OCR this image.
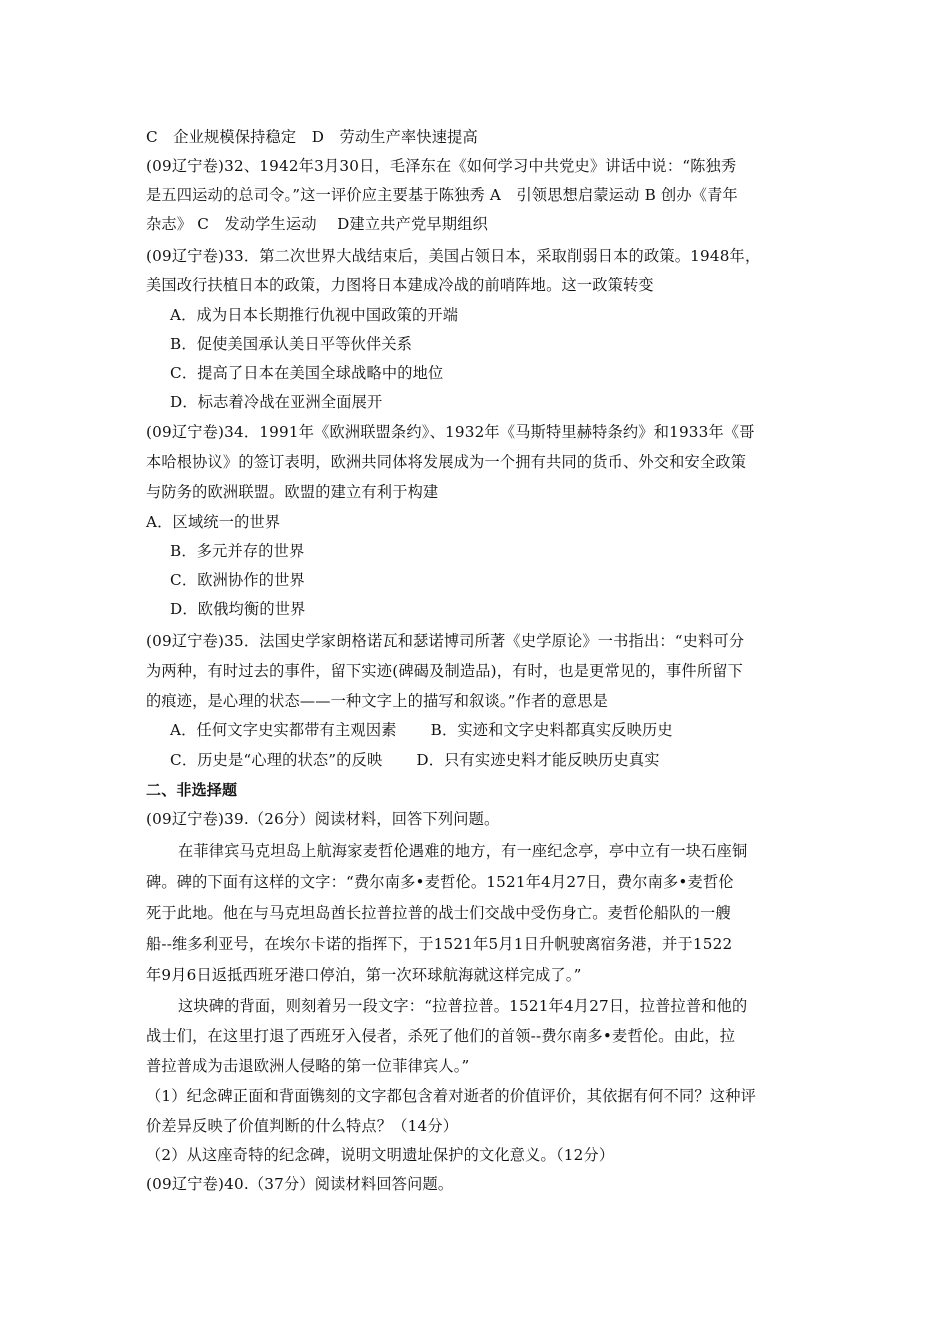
C　企业规模保持稳定　D　劳动生产率快速提高
(09辽宁卷)32、1942年3月30日，毛泽东在《如何学习中共党史》讲话中说：“陈独秀
是五四运动的总司令。”这一评价应主要基于陈独秀 A　引领思想启蒙运动 B 创办《青年
杂志》 C　发动学生运动　 D建立共产党早期组织
(09辽宁卷)33．第二次世界大战结束后，美国占领日本，采取削弱日本的政策。1948年，
美国改行扶植日本的政策，力图将日本建成冷战的前哨阵地。这一政策转变
A．成为日本长期推行仇视中国政策的开端
B．促使美国承认美日平等伙伴关系
C．提高了日本在美国全球战略中的地位
D．标志着冷战在亚洲全面展开
(09辽宁卷)34．1991年《欧洲联盟条约》、1932年《马斯特里赫特条约》和1933年《哥
本哈根协议》的签订表明，欧洲共同体将发展成为一个拥有共同的货币、外交和安全政策
与防务的欧洲联盟。欧盟的建立有利于构建
A．区域统一的世界
B．多元并存的世界
C．欧洲协作的世界
D．欧俄均衡的世界
(09辽宁卷)35．法国史学家朗格诺瓦和瑟诺博司所著《史学原论》一书指出：“史料可分
为两种，有时过去的事件，留下实迹(碑碣及制造品)，有时，也是更常见的，事件所留下
的痕迹，是心理的状态——一种文字上的描写和叙谈。”作者的意思是
A．任何文字史实都带有主观因素 B．实迹和文字史料都真实反映历史
C．历史是“心理的状态”的反映 D．只有实迹史料才能反映历史真实
二、非选择题
(09辽宁卷)39.（26分）阅读材料，回答下列问题。
在菲律宾马克坦岛上航海家麦哲伦遇难的地方，有一座纪念亭，亭中立有一块石座铜
碑。碑的下面有这样的文字：“费尔南多•麦哲伦。1521年4月27日，费尔南多•麦哲伦
死于此地。他在与马克坦岛酋长拉普拉普的战士们交战中受伤身亡。麦哲伦船队的一艘
船--维多利亚号，在埃尔卡诺的指挥下，于1521年5月1日升帆驶离宿务港，并于1522
年9月6日返抵西班牙港口停泊，第一次环球航海就这样完成了。”
这块碑的背面，则刻着另一段文字：“拉普拉普。1521年4月27日，拉普拉普和他的
战士们，在这里打退了西班牙入侵者，杀死了他们的首领--费尔南多•麦哲伦。由此，拉
普拉普成为击退欧洲人侵略的第一位菲律宾人。”
（1）纪念碑正面和背面镌刻的文字都包含着对逝者的价值评价，其依据有何不同？这种评
价差异反映了价值判断的什么特点？（14分）
（2）从这座奇特的纪念碑，说明文明遗址保护的文化意义。（12分）
(09辽宁卷)40.（37分）阅读材料回答问题。
